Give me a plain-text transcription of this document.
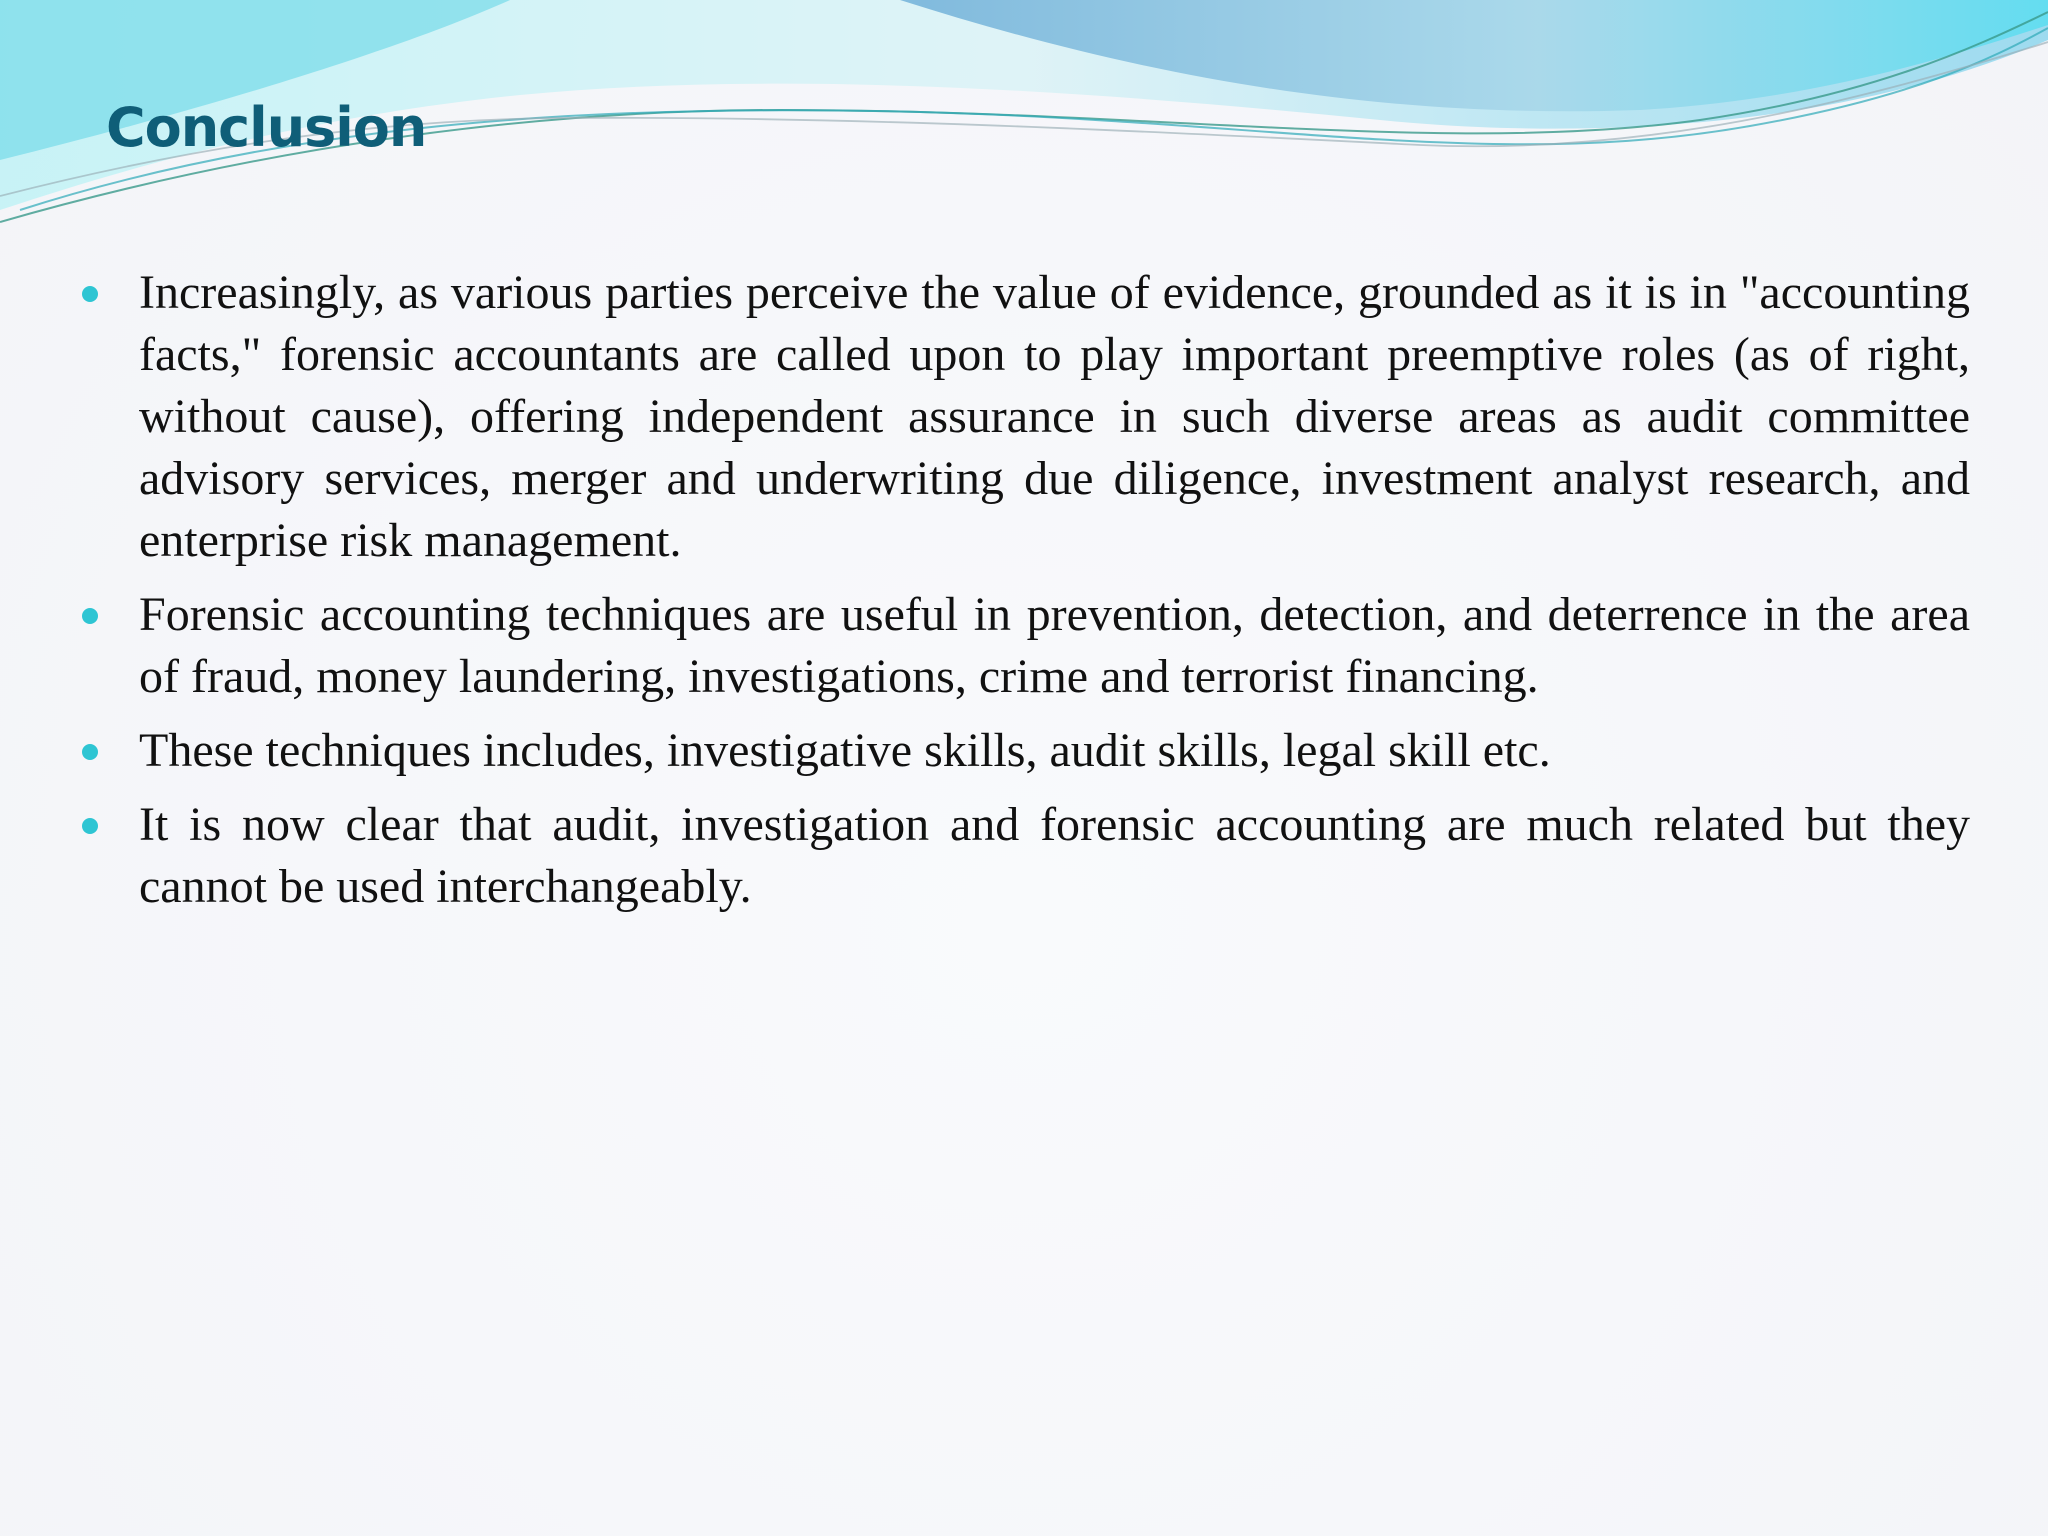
Conclusion
Increasingly, as various parties perceive the value of evidence, grounded as it is in "accounting facts," forensic accountants are called upon to play important preemptive roles (as of right, without cause), offering independent assurance in such diverse areas as audit committee advisory services, merger and underwriting due diligence, investment analyst research, and enterprise risk management.
Forensic accounting techniques are useful in prevention, detection, and deterrence in the area of fraud, money laundering, investigations, crime and terrorist financing.
These techniques includes, investigative skills, audit skills, legal skill etc.
It is now clear that audit, investigation and forensic accounting are much related but they cannot be used interchangeably.
